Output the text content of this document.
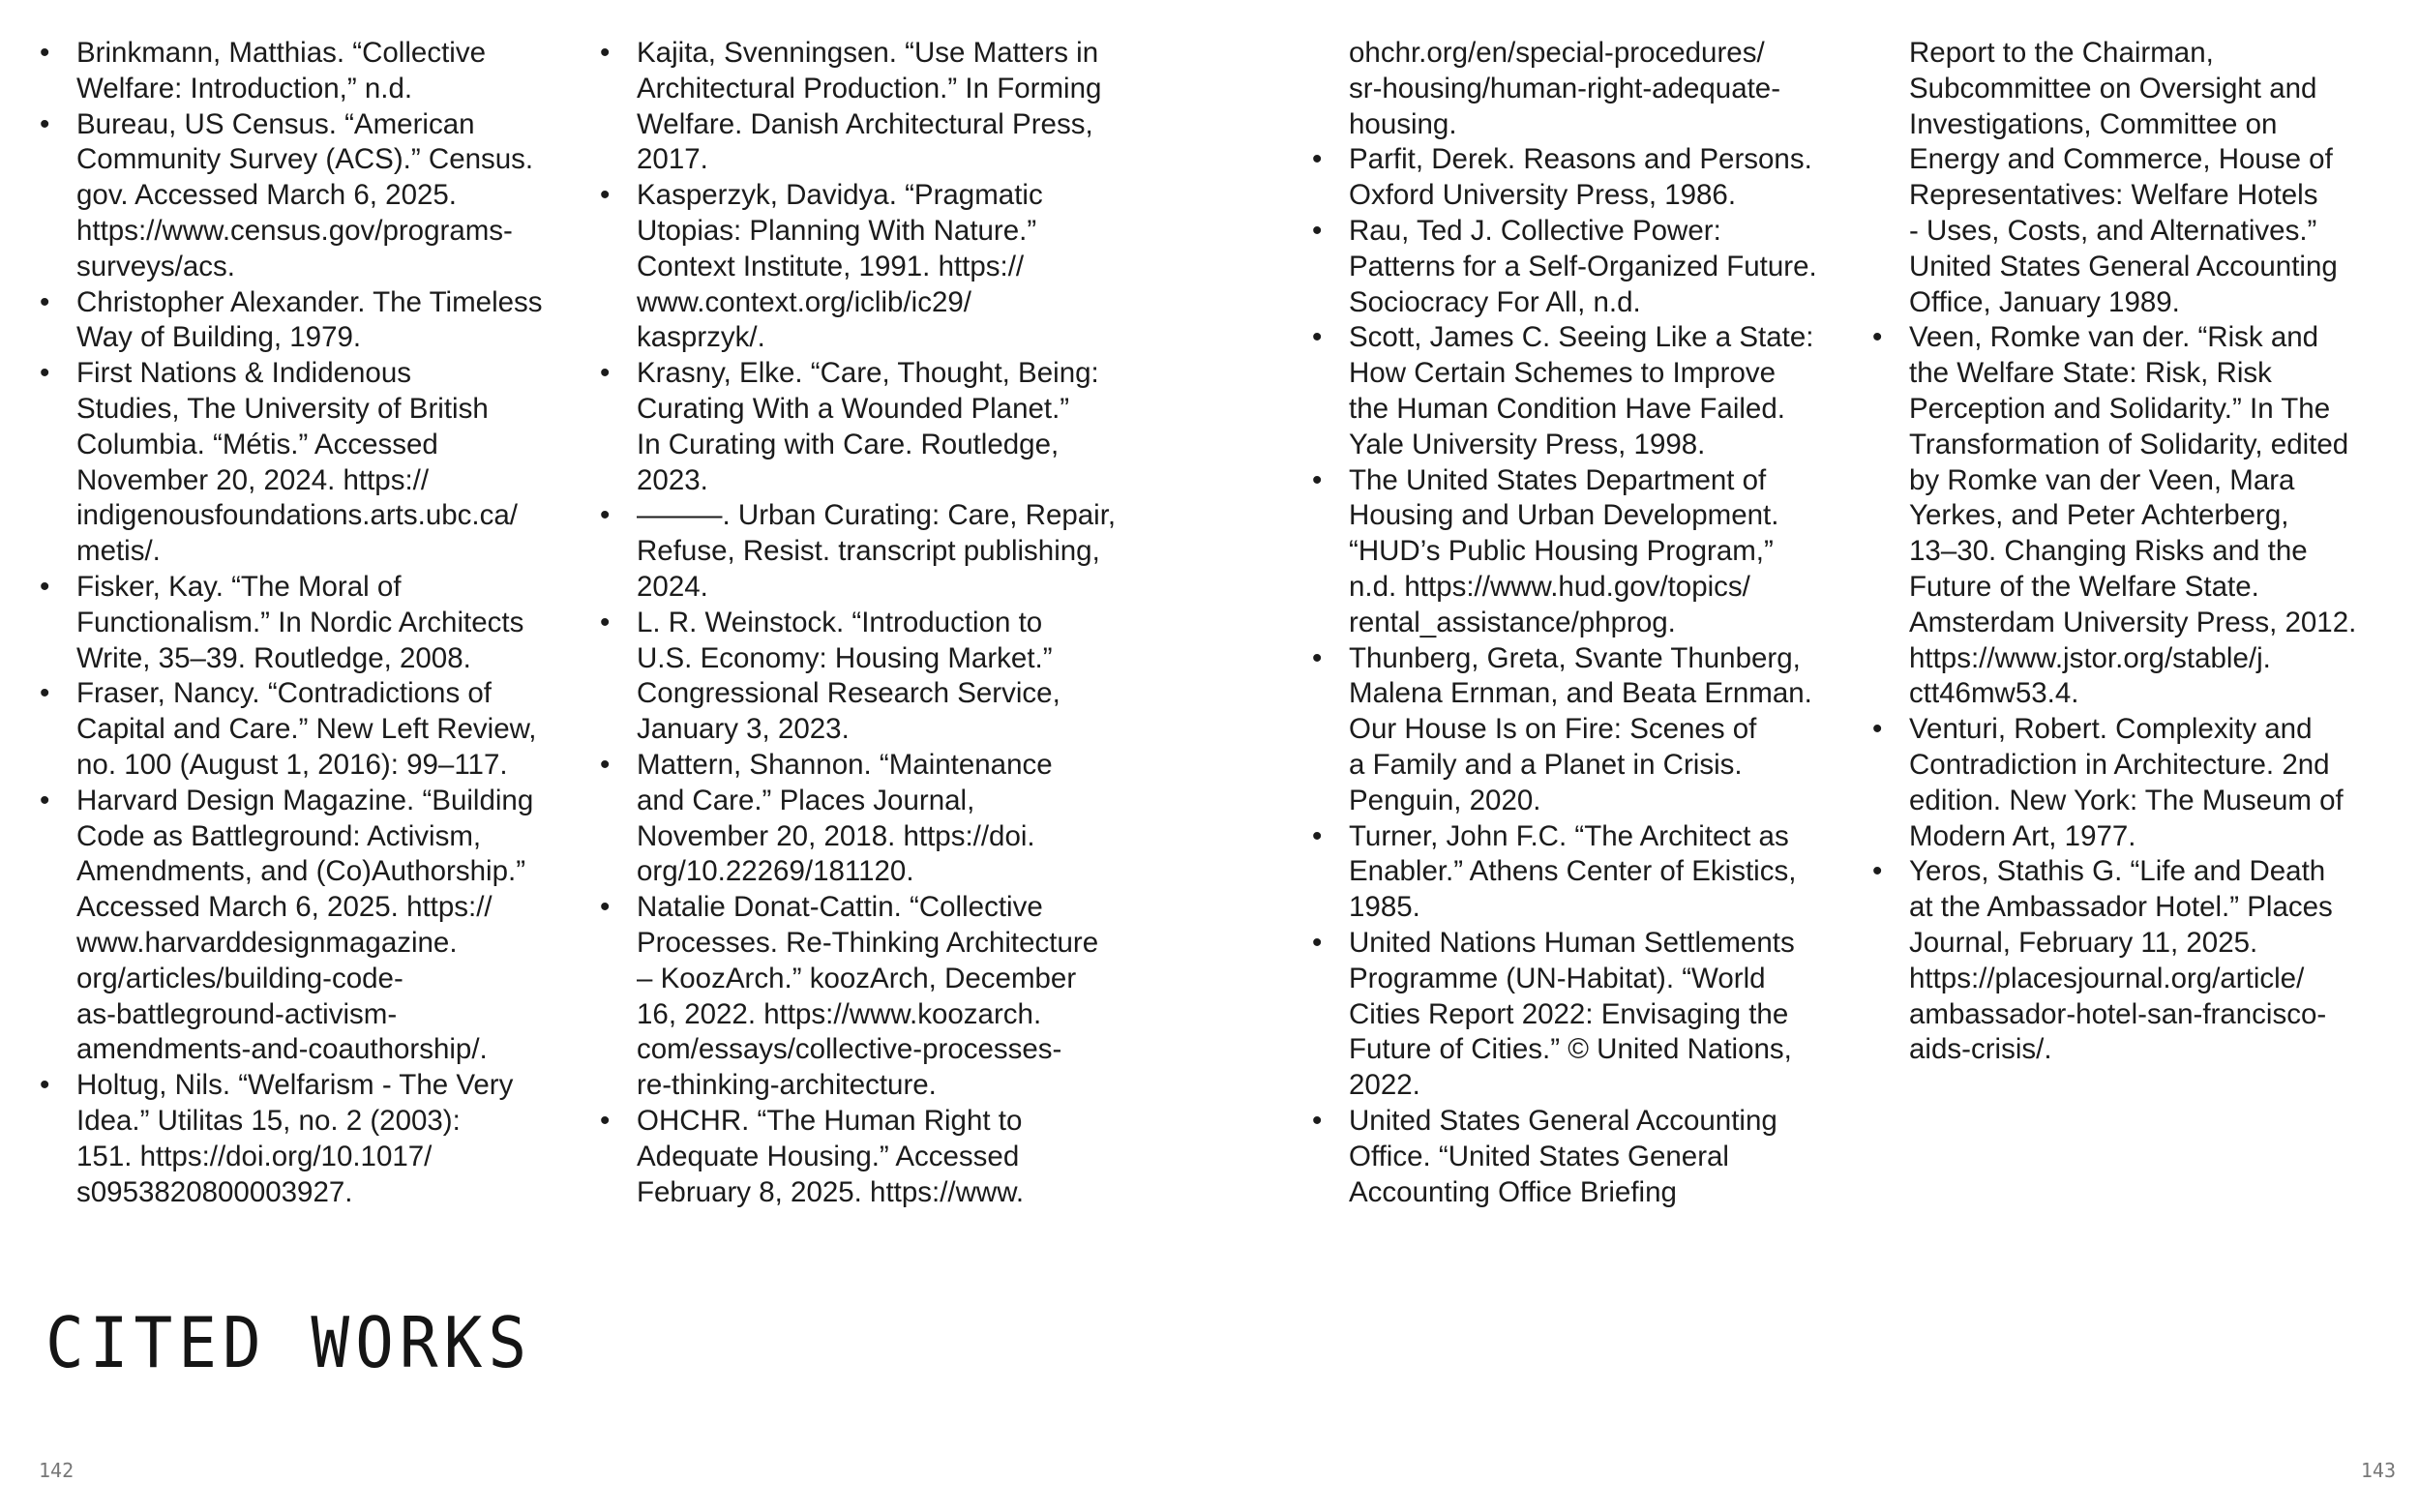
• Brinkmann, Matthias. “Collective
Welfare: Introduction,” n.d.
• Bureau, US Census. “American
Community Survey (ACS).” Census.
gov. Accessed March 6, 2025.
https://www.census.gov/programs-
surveys/acs.
• Christopher Alexander. The Timeless
Way of Building, 1979.
• First Nations & Indidenous
Studies, The University of British
Columbia. “Métis.” Accessed
November 20, 2024. https://
indigenousfoundations.arts.ubc.ca/
metis/.
• Fisker, Kay. “The Moral of
Functionalism.” In Nordic Architects
Write, 35–39. Routledge, 2008.
• Fraser, Nancy. “Contradictions of
Capital and Care.” New Left Review,
no. 100 (August 1, 2016): 99–117.
• Harvard Design Magazine. “Building
Code as Battleground: Activism,
Amendments, and (Co)Authorship.”
Accessed March 6, 2025. https://
www.harvarddesignmagazine.
org/articles/building-code-
as-battleground-activism-
amendments-and-coauthorship/.
• Holtug, Nils. “Welfarism - The Very
Idea.” Utilitas 15, no. 2 (2003):
151. https://doi.org/10.1017/
s0953820800003927.
• Kajita, Svenningsen. “Use Matters in
Architectural Production.” In Forming
Welfare. Danish Architectural Press,
2017.
• Kasperzyk, Davidya. “Pragmatic
Utopias: Planning With Nature.”
Context Institute, 1991. https://
www.context.org/iclib/ic29/
kasprzyk/.
• Krasny, Elke. “Care, Thought, Being:
Curating With a Wounded Planet.”
In Curating with Care. Routledge,
2023.
• ———. Urban Curating: Care, Repair,
Refuse, Resist. transcript publishing,
2024.
• L. R. Weinstock. “Introduction to
U.S. Economy: Housing Market.”
Congressional Research Service,
January 3, 2023.
• Mattern, Shannon. “Maintenance
and Care.” Places Journal,
November 20, 2018. https://doi.
org/10.22269/181120.
• Natalie Donat-Cattin. “Collective
Processes. Re-Thinking Architecture
– KoozArch.” koozArch, December
16, 2022. https://www.koozarch.
com/essays/collective-processes-
re-thinking-architecture.
• OHCHR. “The Human Right to
Adequate Housing.” Accessed
February 8, 2025. https://www.
ohchr.org/en/special-procedures/
sr-housing/human-right-adequate-
housing.
• Parfit, Derek. Reasons and Persons.
Oxford University Press, 1986.
• Rau, Ted J. Collective Power:
Patterns for a Self-Organized Future.
Sociocracy For All, n.d.
• Scott, James C. Seeing Like a State:
How Certain Schemes to Improve
the Human Condition Have Failed.
Yale University Press, 1998.
• The United States Department of
Housing and Urban Development.
“HUD’s Public Housing Program,”
n.d. https://www.hud.gov/topics/
rental_assistance/phprog.
• Thunberg, Greta, Svante Thunberg,
Malena Ernman, and Beata Ernman.
Our House Is on Fire: Scenes of
a Family and a Planet in Crisis.
Penguin, 2020.
• Turner, John F.C. “The Architect as
Enabler.” Athens Center of Ekistics,
1985.
• United Nations Human Settlements
Programme (UN-Habitat). “World
Cities Report 2022: Envisaging the
Future of Cities.” © United Nations,
2022.
• United States General Accounting
Office. “United States General
Accounting Office Briefing
Report to the Chairman,
Subcommittee on Oversight and
Investigations, Committee on
Energy and Commerce, House of
Representatives: Welfare Hotels
- Uses, Costs, and Alternatives.”
United States General Accounting
Office, January 1989.
• Veen, Romke van der. “Risk and
the Welfare State: Risk, Risk
Perception and Solidarity.” In The
Transformation of Solidarity, edited
by Romke van der Veen, Mara
Yerkes, and Peter Achterberg,
13–30. Changing Risks and the
Future of the Welfare State.
Amsterdam University Press, 2012.
https://www.jstor.org/stable/j.
ctt46mw53.4.
• Venturi, Robert. Complexity and
Contradiction in Architecture. 2nd
edition. New York: The Museum of
Modern Art, 1977.
• Yeros, Stathis G. “Life and Death
at the Ambassador Hotel.” Places
Journal, February 11, 2025.
https://placesjournal.org/article/
ambassador-hotel-san-francisco-
aids-crisis/.
CITED WORKS
142	143
